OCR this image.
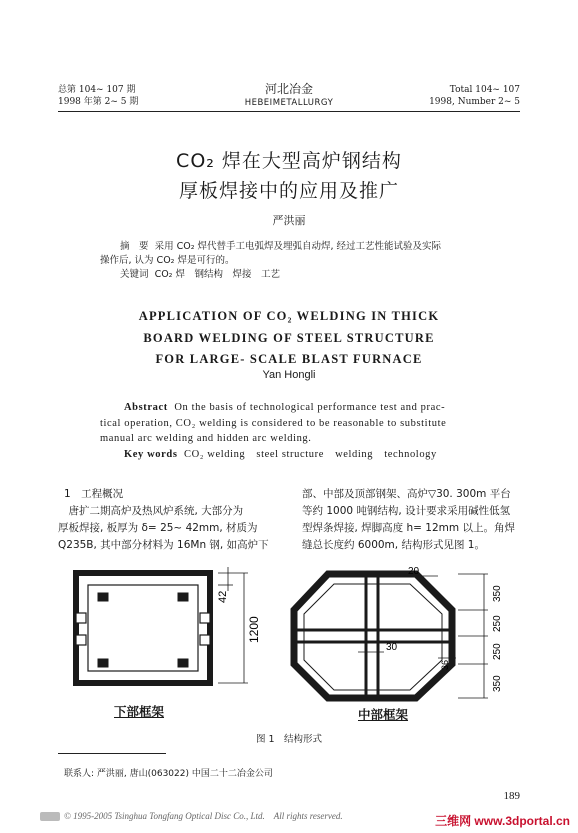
总第 104~ 107 期
1998 年第 2~ 5 期
河北冶金
HEBEIMETALLURGY
Total 104~ 107
1998, Number 2~ 5
CO₂ 焊在大型高炉钢结构
厚板焊接中的应用及推广
严洪丽
摘　要 采用 CO₂ 焊代替手工电弧焊及埋弧自动焊, 经过工艺性能试验及实际
操作后, 认为 CO₂ 焊是可行的。
关键词 CO₂ 焊　钢结构　焊接　工艺
APPLICATION OF CO₂ WELDING IN THICK
BOARD WELDING OF STEEL STRUCTURE
FOR LARGE- SCALE BLAST FURNACE
Yan Hongli
Abstract On the basis of technological performance test and prac-
tical operation, CO₂ welding is considered to be reasonable to substitute
manual arc welding and hidden arc welding.
Key words CO₂ welding　steel structure　welding　technology
1　工程概况
　唐扩二期高炉及热风炉系统, 大部分为
厚板焊接, 板厚为 δ= 25~ 42mm, 材质为
Q235B, 其中部分材料为 16Mn 钢, 如高炉下
部、中部及顶部钢架、高炉▽30. 300m 平台
等约 1000 吨钢结构, 设计要求采用碱性低氢
型焊条焊接, 焊脚高度 h= 12mm 以上。角焊
缝总长度约 6000m, 结构形式见图 1。
42
1200
下部框架
20
30
36
350
250
250
350
中部框架
图 1　结构形式
联系人: 严洪丽, 唐山(063022) 中国二十二冶金公司
189
© 1995-2005 Tsinghua Tongfang Optical Disc Co., Ltd.　All rights reserved.	三维网 www.3dportal.cn
